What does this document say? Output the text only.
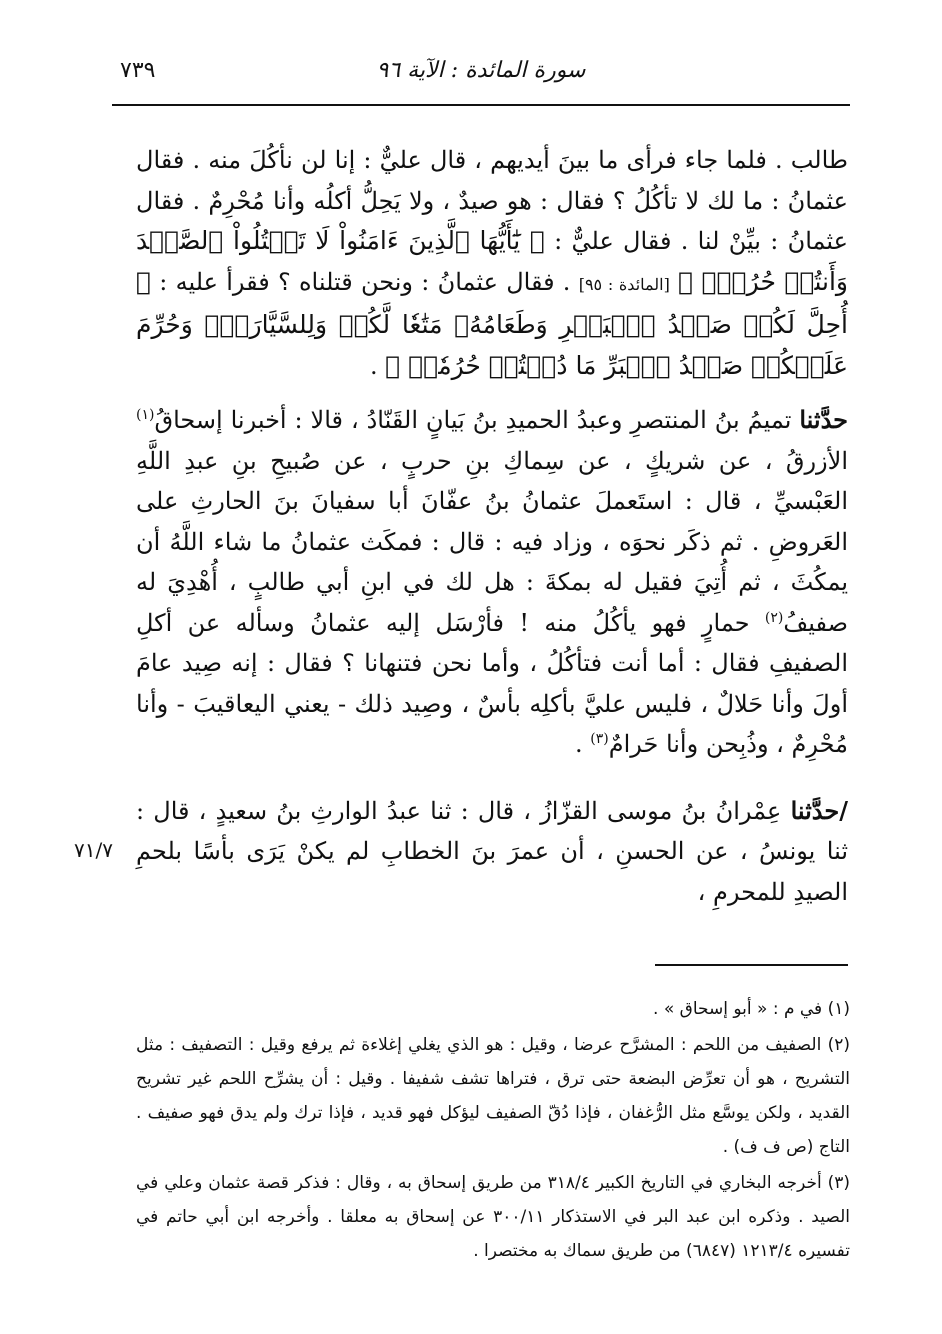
سورة المائدة : الآية ٩٦
٧٣٩
٧١/٧

طالب . فلما جاء فرأى ما بينَ أيديهم ، قال عليٌّ : إنا لن نأكُلَ منه . فقال عثمانُ : ما لك لا تأكُلُ ؟ فقال : هو صيدٌ ، ولا يَحِلُّ أكلُه وأنا مُحْرِمٌ . فقال عثمانُ : بيِّنْ لنا . فقال عليٌّ : ﴿ يَٰٓأَيُّهَا ٱلَّذِينَ ءَامَنُواْ لَا تَقۡتُلُواْ ٱلصَّيۡدَ وَأَنتُمۡ حُرُمٌۚ ﴾ [المائدة : ٩٥] . فقال عثمانُ : ونحن قتلناه ؟ فقرأ عليه : ﴿ أُحِلَّ لَكُمۡ صَيۡدُ ٱلۡبَحۡرِ وَطَعَامُهُۥ مَتَٰعٗا لَّكُمۡ وَلِلسَّيَّارَةِۖ وَحُرِّمَ عَلَيۡكُمۡ صَيۡدُ ٱلۡبَرِّ مَا دُمۡتُمۡ حُرُمٗاۗ ﴾ .

حدَّثنا تميمُ بنُ المنتصرِ وعبدُ الحميدِ بنُ بَيانٍ القَنّادُ ، قالا : أخبرنا إسحاقُ$^{(١)}$ الأزرقُ ، عن شريكٍ ، عن سِماكِ بنِ حربٍ ، عن صُبيحِ بنِ عبدِ اللَّهِ العَبْسيِّ ، قال : استَعملَ عثمانُ بنُ عفّانَ أبا سفيانَ بنَ الحارثِ على العَروضِ . ثم ذكَر نحوَه ، وزاد فيه : قال : فمكَث عثمانُ ما شاء اللَّهُ أن يمكُثَ ، ثم أُتِيَ فقيل له بمكةَ : هل لك في ابنِ أبي طالبٍ ، أُهْدِيَ له صفيفُ$^{(٢)}$ حمارٍ فهو يأكُلُ منه ! فأرْسَل إليه عثمانُ وسأله عن أكلِ الصفيفِ فقال : أما أنت فتأكُلُ ، وأما نحن فتنهانا ؟ فقال : إنه صِيد عامَ أولَ وأنا حَلالٌ ، فليس عليَّ بأكلِه بأسٌ ، وصِيد ذلك - يعني اليعاقيبَ - وأنا مُحْرِمٌ ، وذُبِحن وأنا حَرامٌ$^{(٣)}$ .

/حدَّثنا عِمْرانُ بنُ موسى القزّازُ ، قال : ثنا عبدُ الوارثِ بنُ سعيدٍ ، قال : ثنا يونسُ ، عن الحسنِ ، أن عمرَ بنَ الخطابِ لم يكنْ يَرَى بأسًا بلحمِ الصيدِ للمحرمِ ،

(١) في م : « أبو إسحاق » .

(٢) الصفيف من اللحم : المشرَّح عرضا ، وقيل : هو الذي يغلي إغلاءة ثم يرفع وقيل : التصفيف : مثل التشريح ، هو أن تعرِّض البضعة حتى ترق ، فتراها تشف شفيفا . وقيل : أن يشرِّح اللحم غير تشريح القديد ، ولكن يوسَّع مثل الرُّغفان ، فإذا دُقّ الصفيف ليؤكل فهو قديد ، فإذا ترك ولم يدق فهو صفيف . التاج (ص ف ف) .

(٣) أخرجه البخاري في التاريخ الكبير ٣١٨/٤ من طريق إسحاق به ، وقال : فذكر قصة عثمان وعلي في الصيد . وذكره ابن عبد البر في الاستذكار ٣٠٠/١١ عن إسحاق به معلقا . وأخرجه ابن أبي حاتم في تفسيره ١٢١٣/٤ (٦٨٤٧) من طريق سماك به مختصرا .
